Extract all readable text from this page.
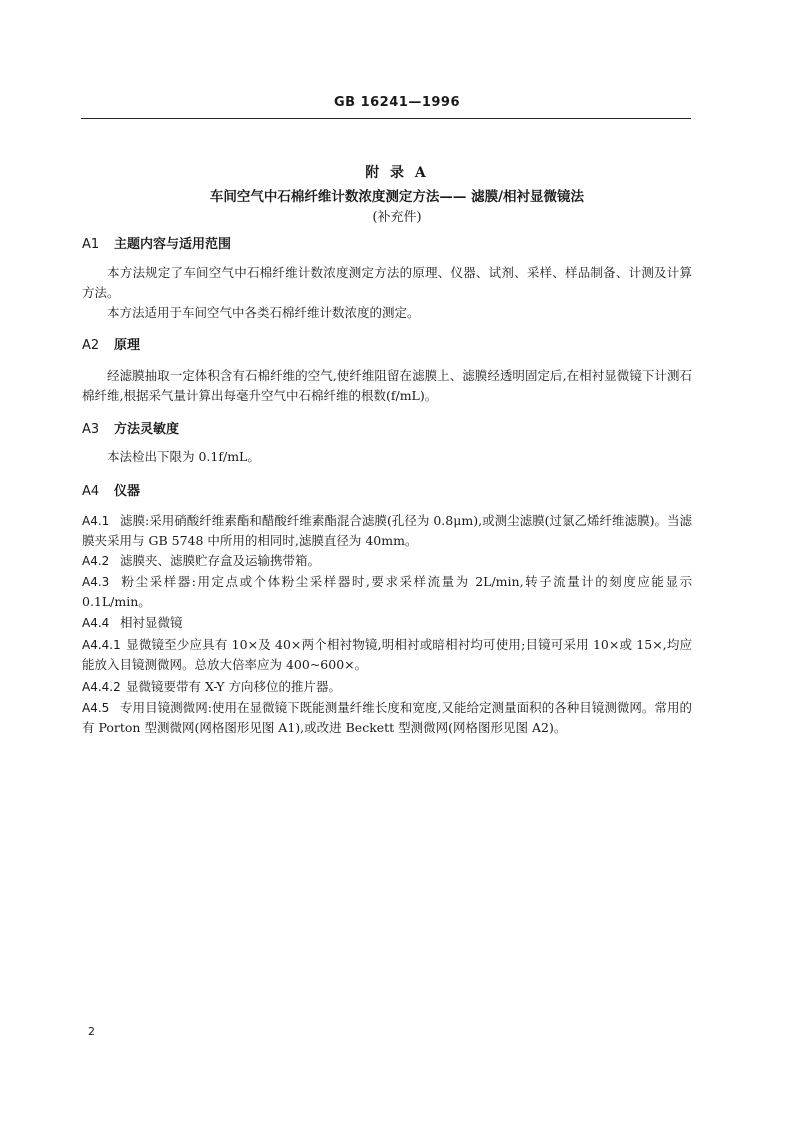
GB 16241—1996
附 录 A
车间空气中石棉纤维计数浓度测定方法—— 滤膜/相衬显微镜法
(补充件)
A1 主题内容与适用范围
本方法规定了车间空气中石棉纤维计数浓度测定方法的原理、仪器、试剂、采样、样品制备、计测及计算方法。
本方法适用于车间空气中各类石棉纤维计数浓度的测定。
A2 原理
经滤膜抽取一定体积含有石棉纤维的空气,使纤维阻留在滤膜上、滤膜经透明固定后,在相衬显微镜下计测石棉纤维,根据采气量计算出每毫升空气中石棉纤维的根数(f/mL)。
A3 方法灵敏度
本法检出下限为 0.1f/mL。
A4 仪器
A4.1 滤膜:采用硝酸纤维素酯和醋酸纤维素酯混合滤膜(孔径为 0.8μm),或测尘滤膜(过氯乙烯纤维滤膜)。当滤膜夹采用与 GB 5748 中所用的相同时,滤膜直径为 40mm。
A4.2 滤膜夹、滤膜贮存盒及运输携带箱。
A4.3 粉尘采样器:用定点或个体粉尘采样器时,要求采样流量为 2L/min,转子流量计的刻度应能显示 0.1L/min。
A4.4 相衬显微镜
A4.4.1 显微镜至少应具有 10×及 40×两个相衬物镜,明相衬或暗相衬均可使用;目镜可采用 10×或 15×,均应能放入目镜测微网。总放大倍率应为 400~600×。
A4.4.2 显微镜要带有 X-Y 方向移位的推片器。
A4.5 专用目镜测微网:使用在显微镜下既能测量纤维长度和宽度,又能给定测量面积的各种目镜测微网。常用的有 Porton 型测微网(网格图形见图 A1),或改进 Beckett 型测微网(网格图形见图 A2)。
2
